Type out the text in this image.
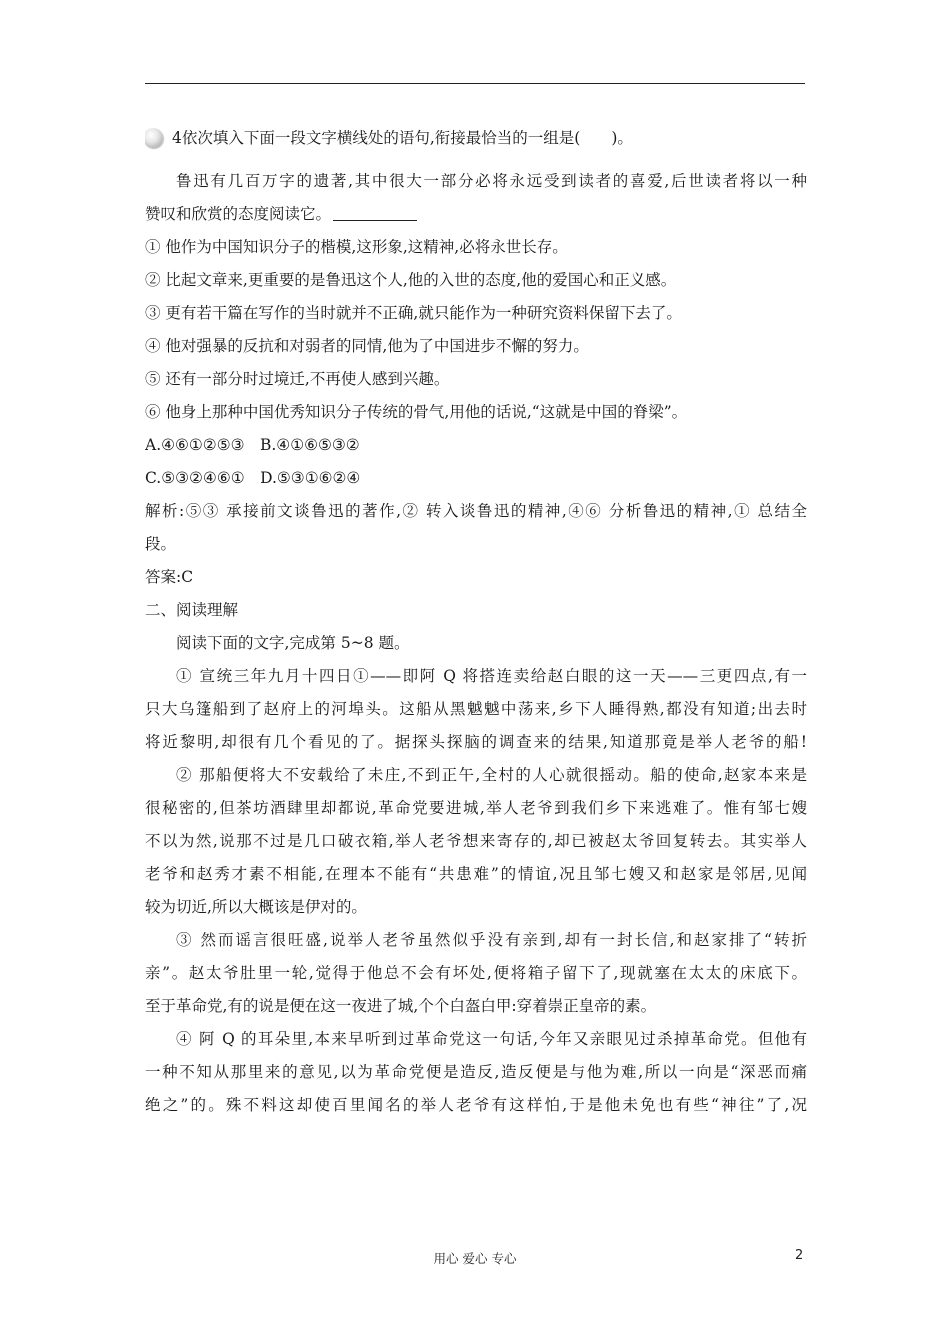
4依次填入下面一段文字横线处的语句,衔接最恰当的一组是(　　)。
鲁迅有几百万字的遗著,其中很大一部分必将永远受到读者的喜爱,后世读者将以一种
赞叹和欣赏的态度阅读它。
① 他作为中国知识分子的楷模,这形象,这精神,必将永世长存。
② 比起文章来,更重要的是鲁迅这个人,他的入世的态度,他的爱国心和正义感。
③ 更有若干篇在写作的当时就并不正确,就只能作为一种研究资料保留下去了。
④ 他对强暴的反抗和对弱者的同情,他为了中国进步不懈的努力。
⑤ 还有一部分时过境迁,不再使人感到兴趣。
⑥ 他身上那种中国优秀知识分子传统的骨气,用他的话说,“这就是中国的脊梁”。
A.④⑥①②⑤③　B.④①⑥⑤③②
C.⑤③②④⑥①　D.⑤③①⑥②④
解析:⑤③ 承接前文谈鲁迅的著作,② 转入谈鲁迅的精神,④⑥ 分析鲁迅的精神,① 总结全
段。
答案:C
二、阅读理解
阅读下面的文字,完成第 5~8 题。
① 宣统三年九月十四日①——即阿 Q 将搭连卖给赵白眼的这一天——三更四点,有一
只大乌篷船到了赵府上的河埠头。这船从黑魆魆中荡来,乡下人睡得熟,都没有知道;出去时
将近黎明,却很有几个看见的了。据探头探脑的调查来的结果,知道那竟是举人老爷的船!
② 那船便将大不安载给了未庄,不到正午,全村的人心就很摇动。船的使命,赵家本来是
很秘密的,但茶坊酒肆里却都说,革命党要进城,举人老爷到我们乡下来逃难了。惟有邹七嫂
不以为然,说那不过是几口破衣箱,举人老爷想来寄存的,却已被赵太爷回复转去。其实举人
老爷和赵秀才素不相能,在理本不能有“共患难”的情谊,况且邹七嫂又和赵家是邻居,见闻
较为切近,所以大概该是伊对的。
③ 然而谣言很旺盛,说举人老爷虽然似乎没有亲到,却有一封长信,和赵家排了“转折
亲”。赵太爷肚里一轮,觉得于他总不会有坏处,便将箱子留下了,现就塞在太太的床底下。
至于革命党,有的说是便在这一夜进了城,个个白盔白甲:穿着崇正皇帝的素。
④ 阿 Q 的耳朵里,本来早听到过革命党这一句话,今年又亲眼见过杀掉革命党。但他有
一种不知从那里来的意见,以为革命党便是造反,造反便是与他为难,所以一向是“深恶而痛
绝之”的。殊不料这却使百里闻名的举人老爷有这样怕,于是他未免也有些“神往”了,况
用心 爱心 专心	2
